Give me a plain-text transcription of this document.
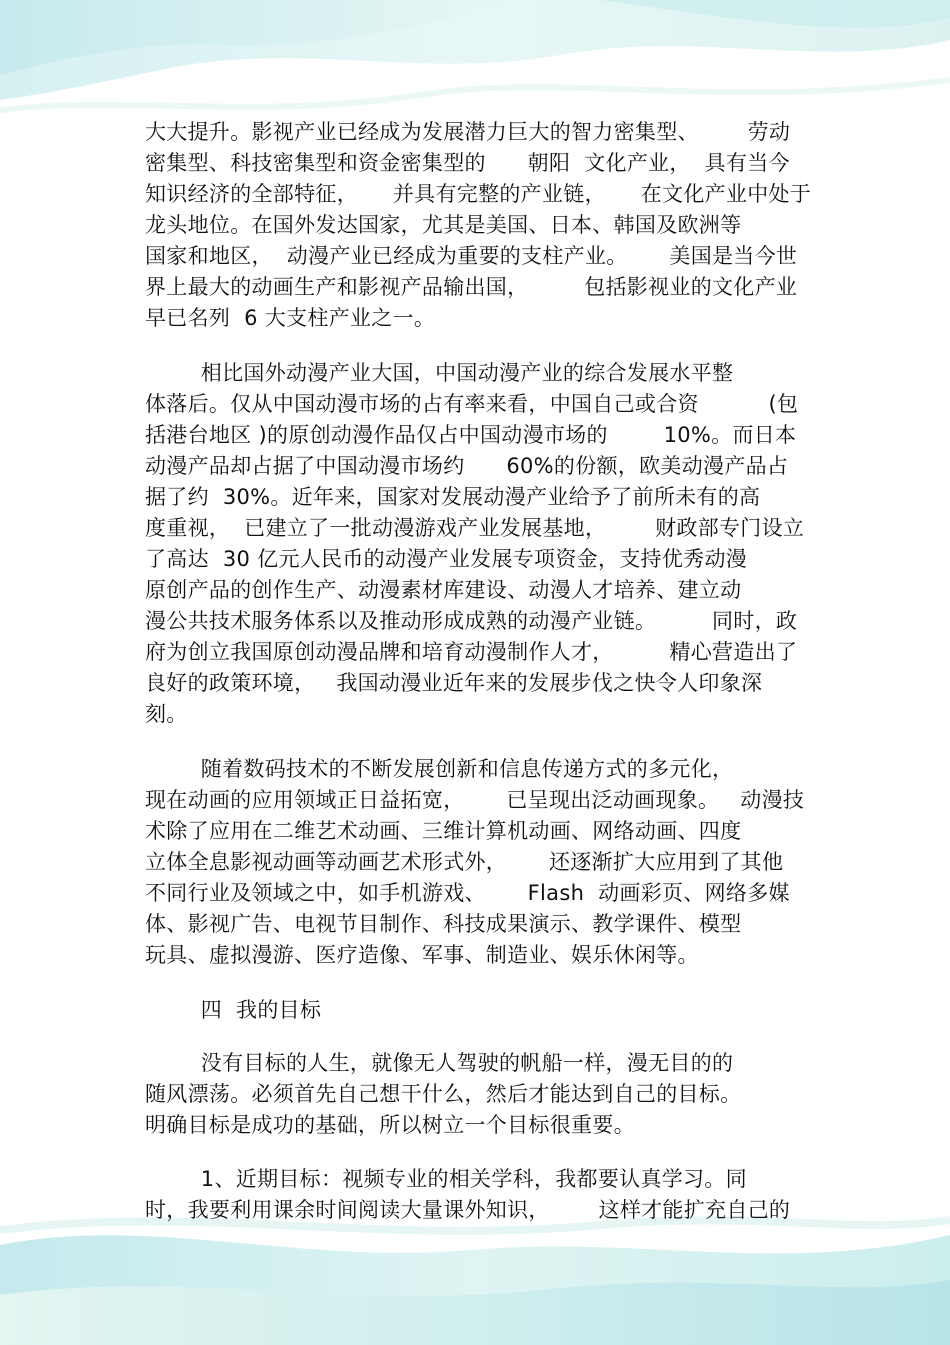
大大提升。影视产业已经成为发展潜力巨大的智力密集型、       劳动
密集型、科技密集型和资金密集型的      朝阳  文化产业，  具有当今
知识经济的全部特征，     并具有完整的产业链，     在文化产业中处于
龙头地位。在国外发达国家，尤其是美国、日本、韩国及欧洲等
国家和地区，  动漫产业已经成为重要的支柱产业。      美国是当今世
界上最大的动画生产和影视产品输出国，        包括影视业的文化产业
早已名列  6 大支柱产业之一。
相比国外动漫产业大国，中国动漫产业的综合发展水平整
体落后。仅从中国动漫市场的占有率来看，中国自己或合资          (包
括港台地区 )的原创动漫作品仅占中国动漫市场的        10%。而日本
动漫产品却占据了中国动漫市场约      60%的份额，欧美动漫产品占
据了约  30%。近年来，国家对发展动漫产业给予了前所未有的高
度重视，  已建立了一批动漫游戏产业发展基地，       财政部专门设立
了高达  30 亿元人民币的动漫产业发展专项资金，支持优秀动漫
原创产品的创作生产、动漫素材库建设、动漫人才培养、建立动
漫公共技术服务体系以及推动形成成熟的动漫产业链。        同时，政
府为创立我国原创动漫品牌和培育动漫制作人才，        精心营造出了
良好的政策环境，   我国动漫业近年来的发展步伐之快令人印象深
刻。
随着数码技术的不断发展创新和信息传递方式的多元化，
现在动画的应用领域正日益拓宽，      已呈现出泛动画现象。   动漫技
术除了应用在二维艺术动画、三维计算机动画、网络动画、四度
立体全息影视动画等动画艺术形式外，      还逐渐扩大应用到了其他
不同行业及领域之中，如手机游戏、      Flash  动画彩页、网络多媒
体、影视广告、电视节目制作、科技成果演示、教学课件、模型
玩具、虚拟漫游、医疗造像、军事、制造业、娱乐休闲等。
四  我的目标
没有目标的人生，就像无人驾驶的帆船一样，漫无目的的
随风漂荡。必须首先自己想干什么，然后才能达到自己的目标。
明确目标是成功的基础，所以树立一个目标很重要。
1、近期目标：视频专业的相关学科，我都要认真学习。同
时，我要利用课余时间阅读大量课外知识，       这样才能扩充自己的
